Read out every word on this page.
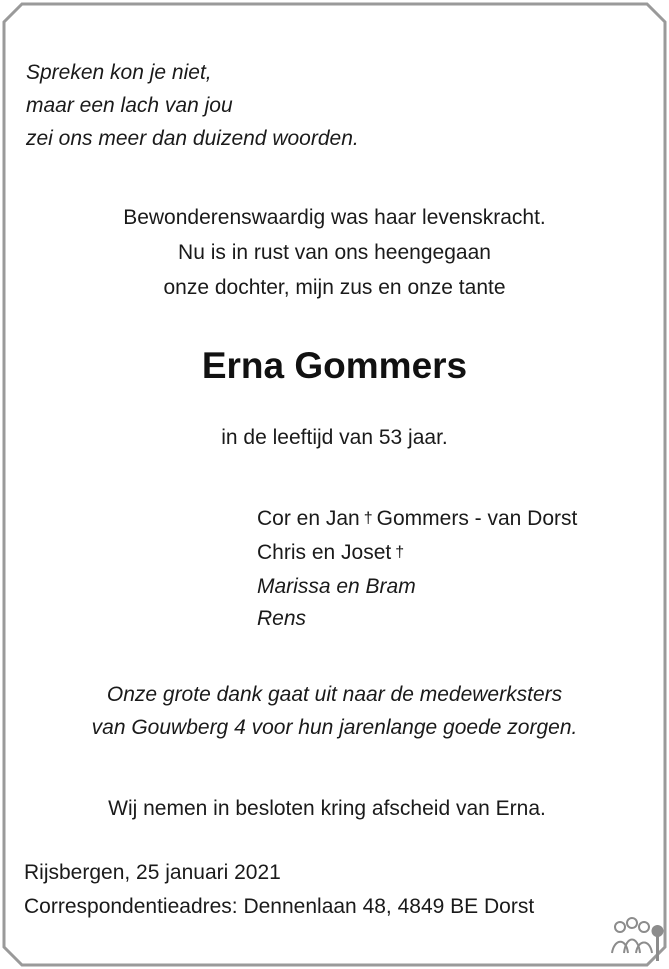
Spreken kon je niet,
maar een lach van jou
zei ons meer dan duizend woorden.
Bewonderenswaardig was haar levenskracht.
Nu is in rust van ons heengegaan
onze dochter, mijn zus en onze tante
Erna Gommers
in de leeftijd van 53 jaar.
Cor en Jan † Gommers - van Dorst
Chris en Joset †
Marissa en Bram
Rens
Onze grote dank gaat uit naar de medewerksters
van Gouwberg 4 voor hun jarenlange goede zorgen.
Wij nemen in besloten kring afscheid van Erna.
Rijsbergen, 25 januari 2021
Correspondentieadres: Dennenlaan 48, 4849 BE Dorst
